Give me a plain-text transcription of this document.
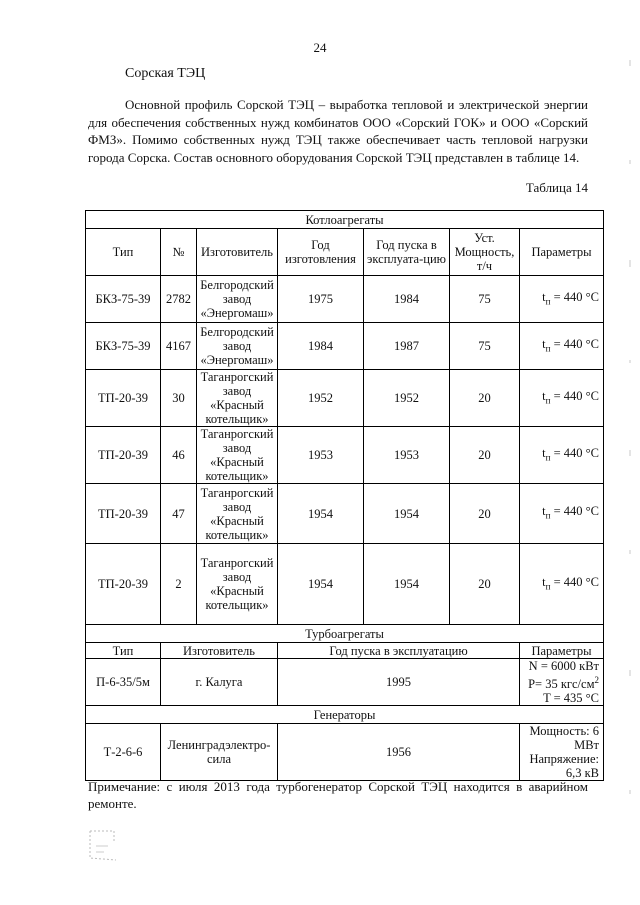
24
Сорская ТЭЦ
Основной профиль Сорской ТЭЦ – выработка тепловой и электрической энергии для обеспечения собственных нужд комбинатов ООО «Сорский ГОК» и ООО «Сорский ФМЗ». Помимо собственных нужд ТЭЦ также обеспечивает часть тепловой нагрузки города Сорска. Состав основного оборудования Сорской ТЭЦ представлен в таблице 14.
Таблица 14
Котлоагрегаты						
Тип	№	Изготовитель	Год изготовления	Год пуска в эксплуата-цию	Уст. Мощность, т/ч	Параметры
БКЗ-75-39	2782	Белгородский завод «Энергомаш»	1975	1984	75	$t_п = 440$ °С
БКЗ-75-39	4167	Белгородский завод «Энергомаш»	1984	1987	75	$t_п = 440$ °С
ТП-20-39	30	Таганрогский завод «Красный котельщик»	1952	1952	20	$t_п = 440$ °С
ТП-20-39	46	Таганрогский завод «Красный котельщик»	1953	1953	20	$t_п = 440$ °С
ТП-20-39	47	Таганрогский завод «Красный котельщик»	1954	1954	20	$t_п = 440$ °С
ТП-20-39	2	Таганрогский завод «Красный котельщик»	1954	1954	20	$t_п = 440$ °С
Турбоагрегаты						
Тип	Изготовитель		Год пуска в эксплуатацию			Параметры
П-6-35/5м	г. Калуга		1995			N = 6000 кВт
P= 35 кгс/$см^2$
T = 435 °С

Генераторы						
Т-2-6-6	Ленинградэлектро-сила		1956			Мощность: 6 МВт
Напряжение:
6,3 кВ
Примечание: с июля 2013 года турбогенератор Сорской ТЭЦ находится в аварийном ремонте.
